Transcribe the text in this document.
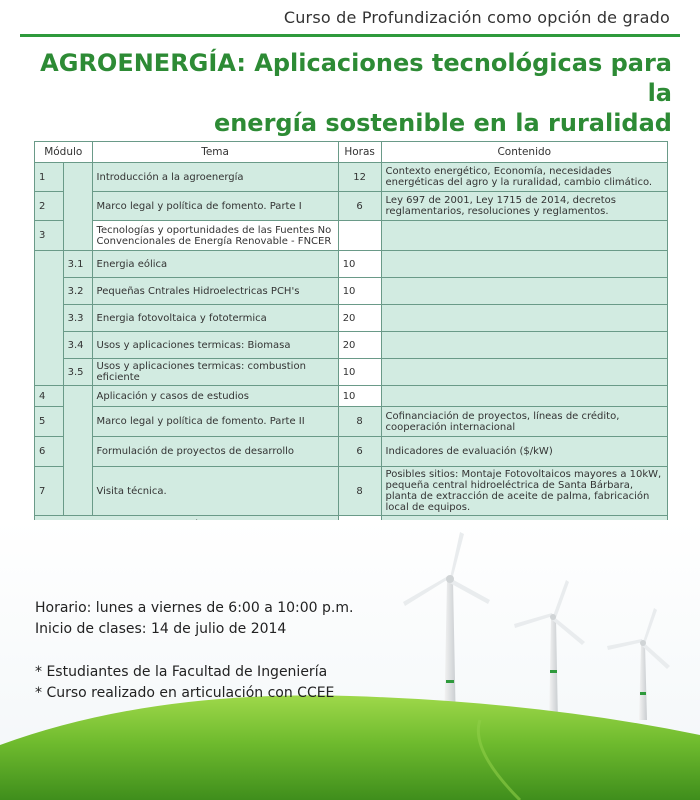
Curso de Profundización como opción de grado
AGROENERGÍA: Aplicaciones tecnológicas para la
energía sostenible en la ruralidad
Módulo		Tema	Horas	Contenido
1		Introducción a la agroenergía	12	Contexto energético, Economía, necesidades energéticas del agro y la ruralidad, cambio climático.
2		Marco legal y política de fomento. Parte I	6	Ley 697 de 2001, Ley 1715 de 2014, decretos reglamentarios, resoluciones y reglamentos.
3		Tecnologías y oportunidades de las Fuentes No Convencionales de Energía Renovable - FNCER		
	3.1	Energia eólica	10	
	3.2	Pequeñas Cntrales Hidroelectricas PCH's	10	
	3.3	Energia fotovoltaica y fototermica	20	
	3.4	Usos y aplicaciones termicas: Biomasa	20	
	3.5	Usos y aplicaciones termicas: combustion eficiente	10	
4		Aplicación y casos de estudios	10	
5		Marco legal y política de fomento. Parte II	8	Cofinanciación de proyectos, líneas de crédito, cooperación internacional
6		Formulación de proyectos de desarrollo	6	Indicadores de evaluación ($/kW)
7		Visita técnica.	8	Posibles sitios: Montaje Fotovoltaicos mayores a 10kW, pequeña central hidroeléctrica de Santa Bárbara, planta de extracción de aceite de palma, fabricación local de equipos.

Horario: lunes a viernes de 6:00 a 10:00 p.m.
Inicio de clases: 14 de julio de 2014
* Estudiantes de la Facultad de Ingeniería
* Curso realizado en articulación con CCEE
